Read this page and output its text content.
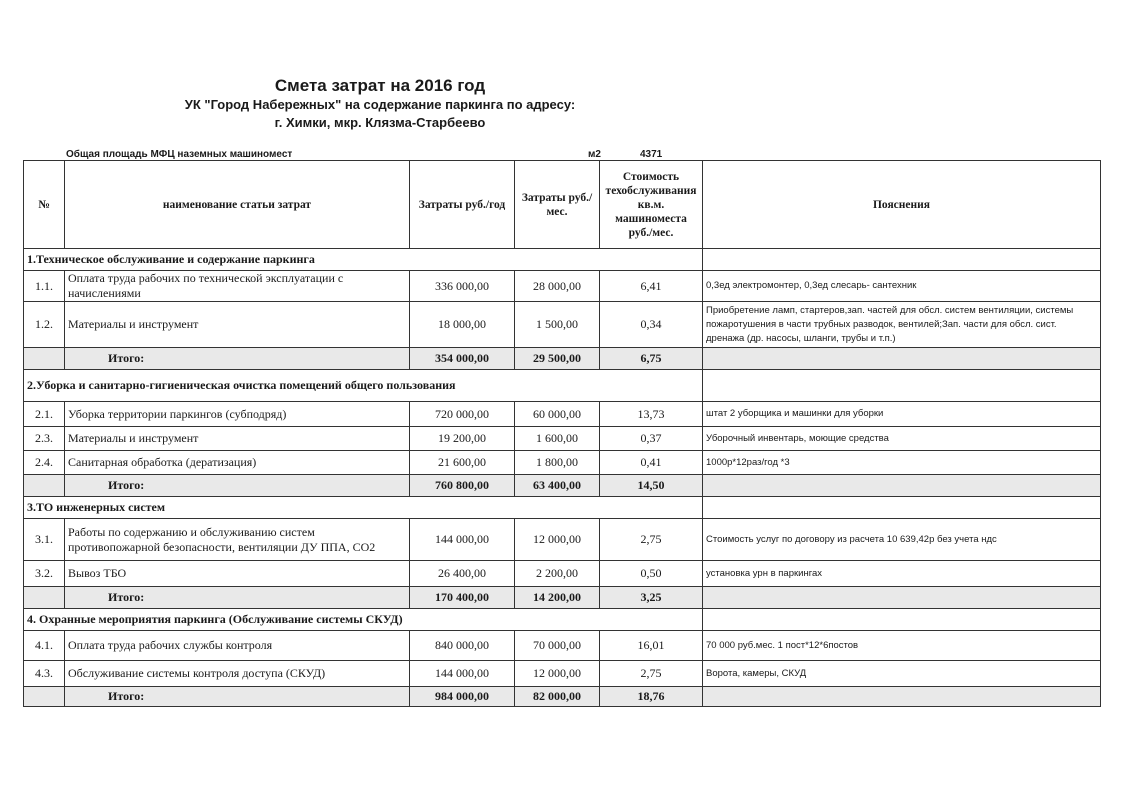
Смета затрат на 2016 год
УК "Город Набережных" на содержание паркинга по адресу:
г. Химки, мкр. Клязма-Старбеево
Общая площадь МФЦ наземных машиномест	м2	4371
№	наименование статьи затрат	Затраты руб./год	Затраты руб./мес.	Стоимость техобслуживания кв.м. машиноместа руб./мес.	Пояснения
1.Техническое обслуживание и содержание паркинга					
1.1.	Оплата труда рабочих по технической эксплуатации с начислениями	336 000,00	28 000,00	6,41	0,3ед электромонтер, 0,3ед слесарь- сантехник
1.2.	Материалы и инструмент	18 000,00	1 500,00	0,34	Приобретение ламп, стартеров,зап. частей для обсл. систем вентиляции, системы пожаротушения в части трубных разводок, вентилей;Зап. части для обсл. сист. дренажа (др. насосы, шланги, трубы и т.п.)
	Итого:	354 000,00	29 500,00	6,75	
2.Уборка и санитарно-гигиеническая очистка помещений общего пользования					
2.1.	Уборка территории паркингов (субподряд)	720 000,00	60 000,00	13,73	штат 2 уборщика и машинки для уборки
2.3.	Материалы и инструмент	19 200,00	1 600,00	0,37	Уборочный инвентарь, моющие средства
2.4.	Санитарная обработка (дератизация)	21 600,00	1 800,00	0,41	1000р*12раз/год *3
	Итого:	760 800,00	63 400,00	14,50	
3.ТО инженерных систем					
3.1.	Работы по содержанию и обслуживанию систем противопожарной безопасности, вентиляции ДУ ППА, СО2	144 000,00	12 000,00	2,75	Стоимость услуг по договору из расчета 10 639,42р без учета ндс
3.2.	Вывоз ТБО	26 400,00	2 200,00	0,50	установка урн в паркингах
	Итого:	170 400,00	14 200,00	3,25	
4. Охранные мероприятия паркинга (Обслуживание системы СКУД)					
4.1.	Оплата труда рабочих службы контроля	840 000,00	70 000,00	16,01	70 000 руб.мес. 1 пост*12*6постов
4.3.	Обслуживание системы контроля доступа (СКУД)	144 000,00	12 000,00	2,75	Ворота, камеры, СКУД
	Итого:	984 000,00	82 000,00	18,76	
